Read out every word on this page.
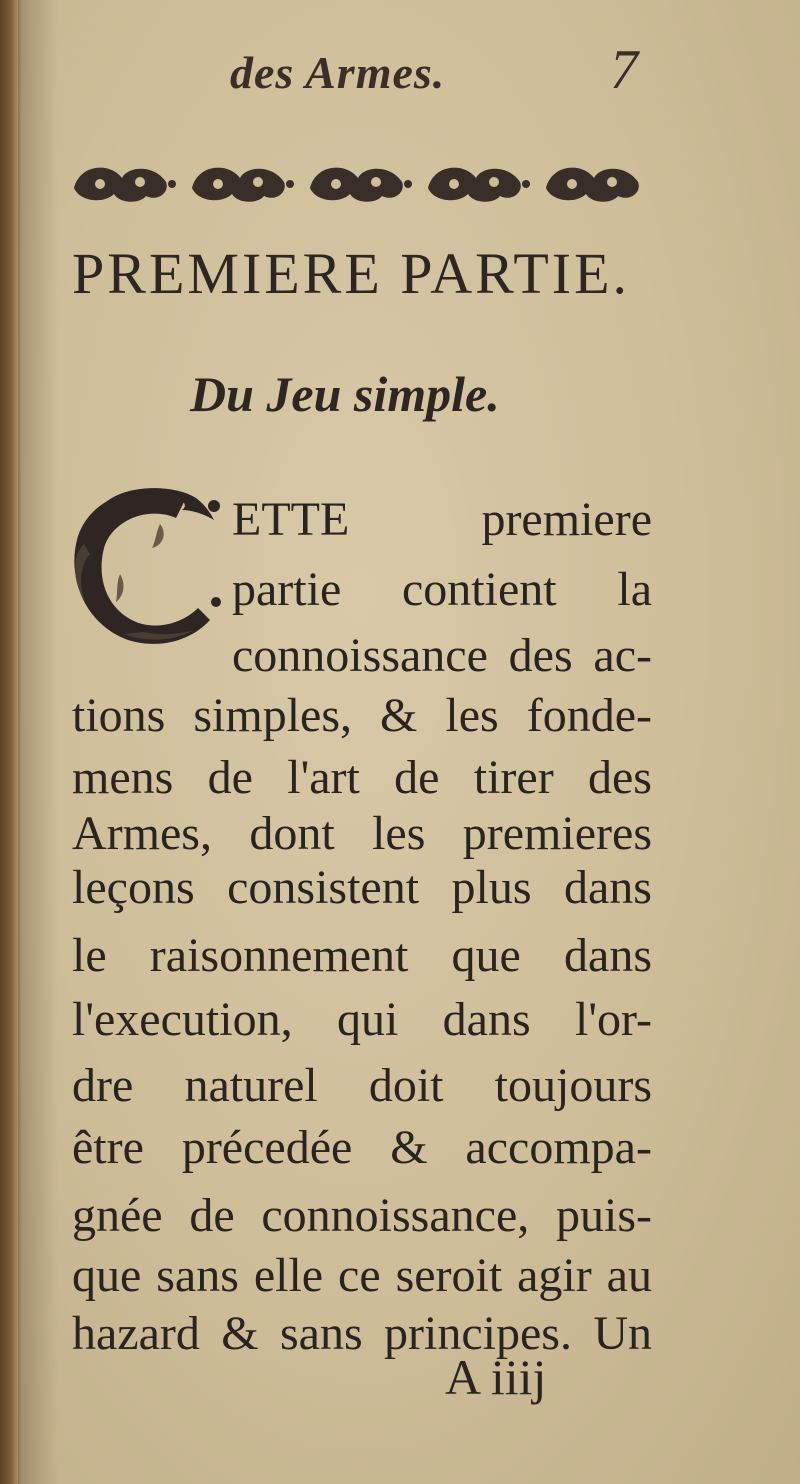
des Armes.	7
PREMIERE PARTIE.
Du Jeu simple.
ETTE	premiere
partie contient la
connoissance des ac-
tions simples, & les fonde-
mens de l'art de tirer des
Armes, dont les premieres
leçons consistent plus dans
le raisonnement que dans
l'execution, qui dans l'or-
dre naturel doit toujours
être précedée & accompa-
gnée de connoissance, puis-
que sans elle ce seroit agir au
hazard & sans principes. Un
A iiij
